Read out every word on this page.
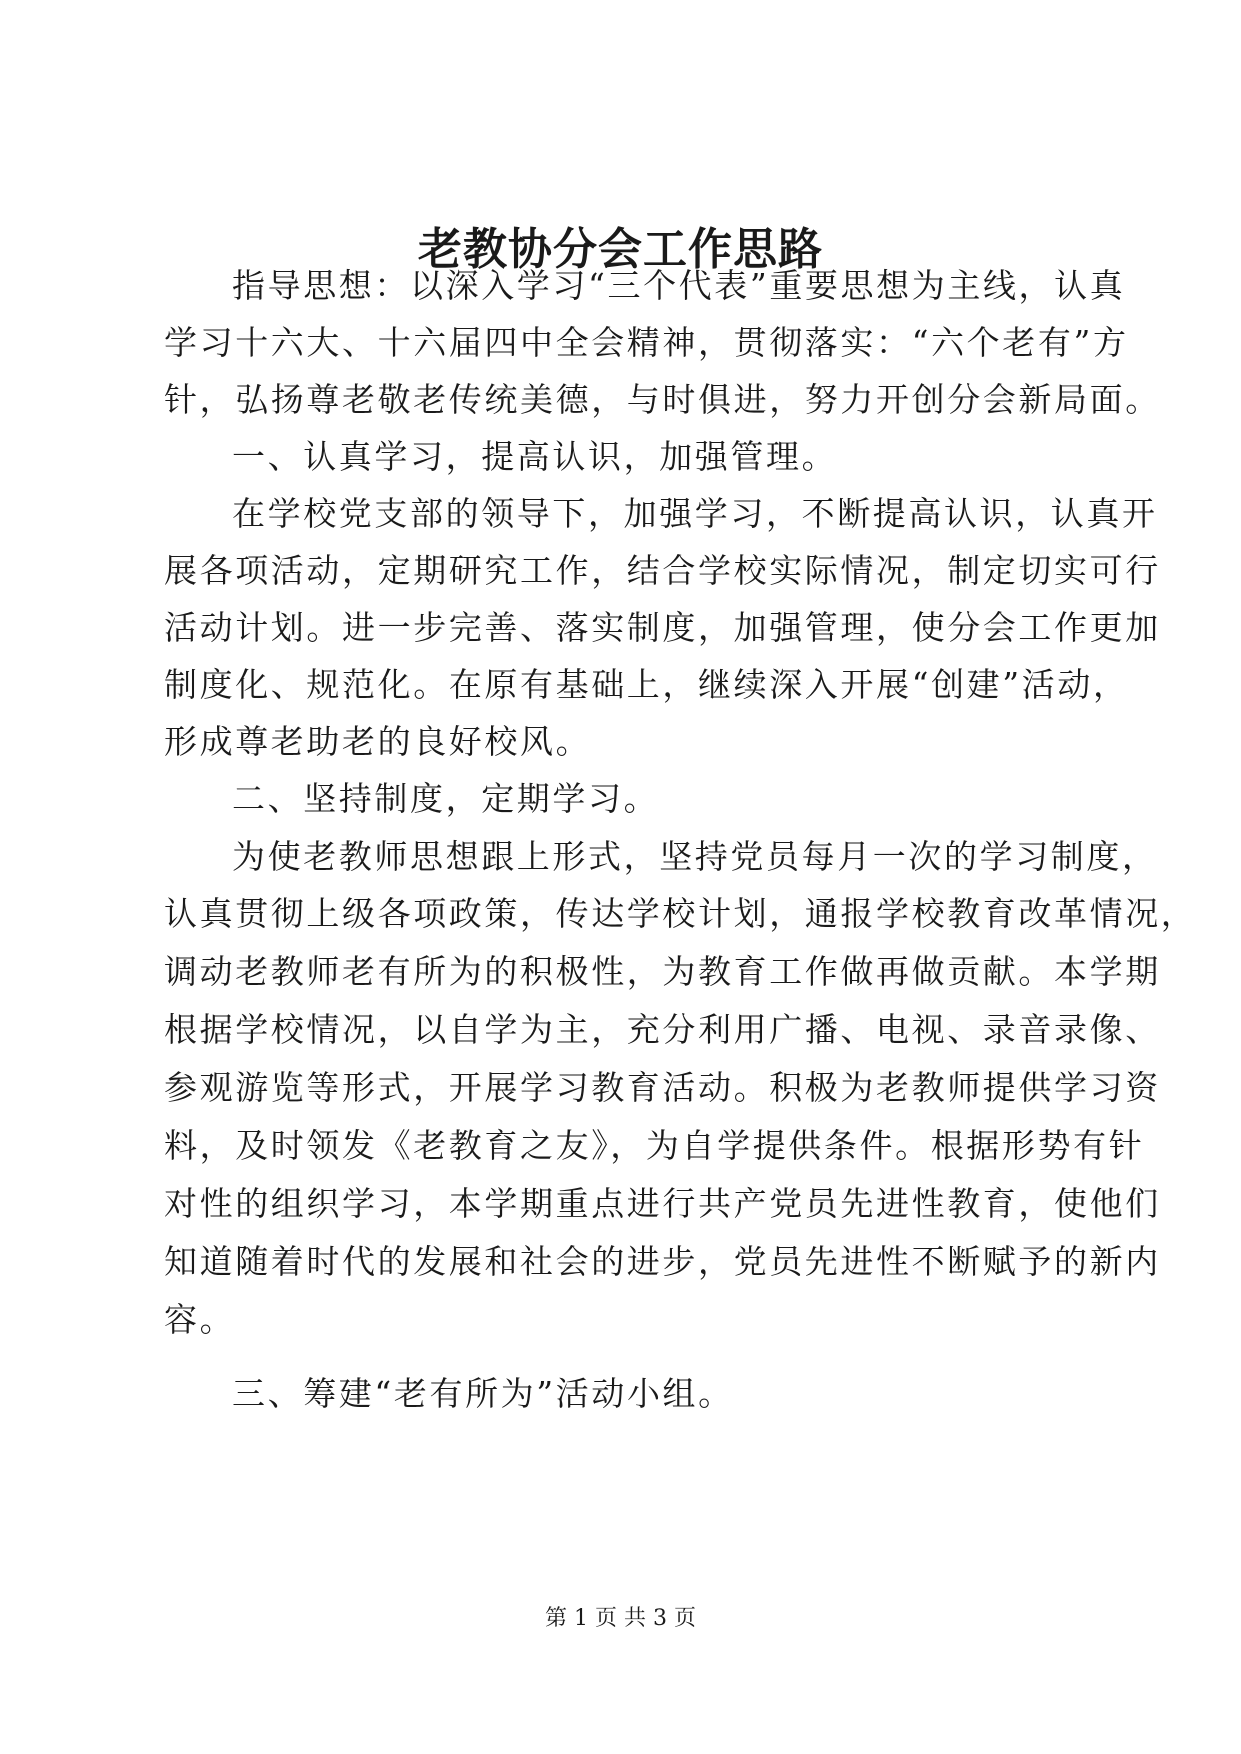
老教协分会工作思路
指导思想：以深入学习“三个代表”重要思想为主线，认真
学习十六大、十六届四中全会精神，贯彻落实：“六个老有”方
针，弘扬尊老敬老传统美德，与时俱进，努力开创分会新局面。
一、认真学习，提高认识，加强管理。
在学校党支部的领导下，加强学习，不断提高认识，认真开
展各项活动，定期研究工作，结合学校实际情况，制定切实可行
活动计划。进一步完善、落实制度，加强管理，使分会工作更加
制度化、规范化。在原有基础上，继续深入开展“创建”活动，
形成尊老助老的良好校风。
二、坚持制度，定期学习。
为使老教师思想跟上形式，坚持党员每月一次的学习制度，
认真贯彻上级各项政策，传达学校计划，通报学校教育改革情况，
调动老教师老有所为的积极性，为教育工作做再做贡献。本学期
根据学校情况，以自学为主，充分利用广播、电视、录音录像、
参观游览等形式，开展学习教育活动。积极为老教师提供学习资
料，及时领发《老教育之友》，为自学提供条件。根据形势有针
对性的组织学习，本学期重点进行共产党员先进性教育，使他们
知道随着时代的发展和社会的进步，党员先进性不断赋予的新内
容。
三、筹建“老有所为”活动小组。
第 1 页 共 3 页
